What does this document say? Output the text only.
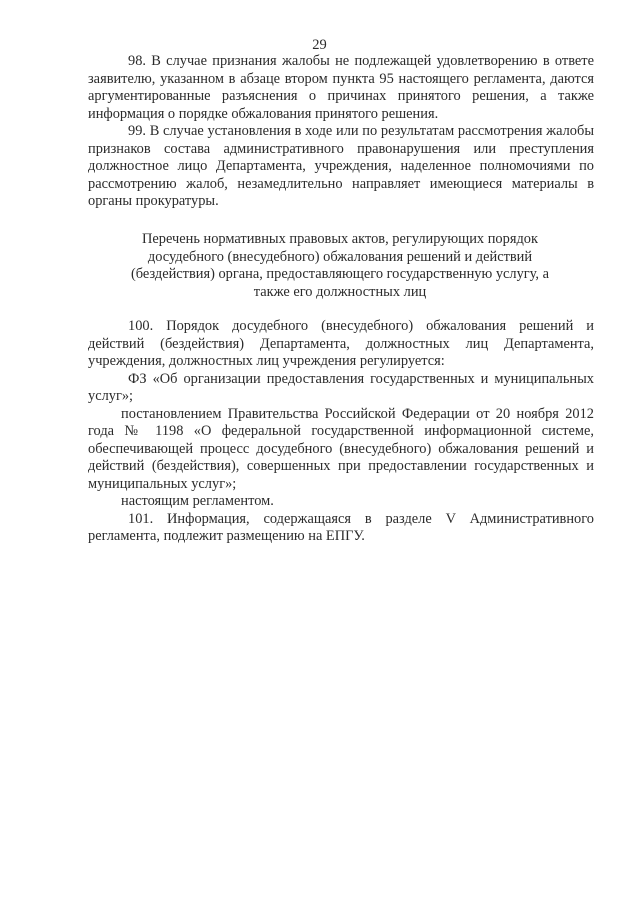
29

98. В случае признания жалобы не подлежащей удовлетворению в ответе заявителю, указанном в абзаце втором пункта 95 настоящего регламента, даются аргументированные разъяснения о причинах принятого решения, а также информация о порядке обжалования принятого решения.

99. В случае установления в ходе или по результатам рассмотрения жалобы признаков состава административного правонарушения или преступления должностное лицо Департамента, учреждения, наделенное полномочиями по рассмотрению жалоб, незамедлительно направляет имеющиеся материалы в органы прокуратуры.

Перечень нормативных правовых актов, регулирующих порядок досудебного (внесудебного) обжалования решений и действий (бездействия) органа, предоставляющего государственную услугу, а также его должностных лиц

100. Порядок досудебного (внесудебного) обжалования решений и действий (бездействия) Департамента, должностных лиц Департамента, учреждения, должностных лиц учреждения регулируется:

ФЗ «Об организации предоставления государственных и муниципальных услуг»;

постановлением Правительства Российской Федерации от 20 ноября 2012 года № 1198 «О федеральной государственной информационной системе, обеспечивающей процесс досудебного (внесудебного) обжалования решений и действий (бездействия), совершенных при предоставлении государственных и муниципальных услуг»;

настоящим регламентом.

101. Информация, содержащаяся в разделе V Административного регламента, подлежит размещению на ЕПГУ.
